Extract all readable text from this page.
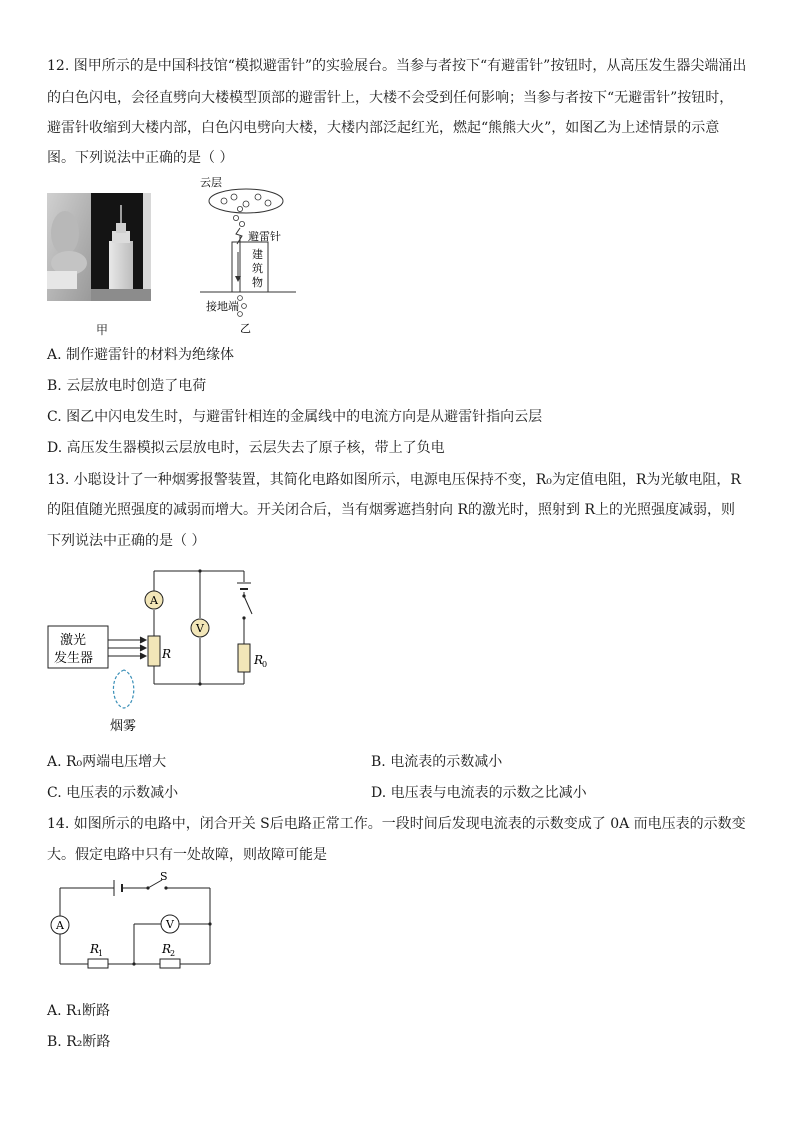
12. 图甲所示的是中国科技馆“模拟避雷针”的实验展台。当参与者按下“有避雷针”按钮时，从高压发生器尖端涌出
的白色闪电，会径直劈向大楼模型顶部的避雷针上，大楼不会受到任何影响；当参与者按下“无避雷针”按钮时，
避雷针收缩到大楼内部，白色闪电劈向大楼，大楼内部泛起红光，燃起“熊熊大火”，如图乙为上述情景的示意
图。下列说法中正确的是（ ）
甲
云层
避雷针
建
筑
物
接地端
乙
A. 制作避雷针的材料为绝缘体
B. 云层放电时创造了电荷
C. 图乙中闪电发生时，与避雷针相连的金属线中的电流方向是从避雷针指向云层
D. 高压发生器模拟云层放电时，云层失去了原子核，带上了负电
13. 小聪设计了一种烟雾报警装置，其简化电路如图所示，电源电压保持不变，R₀为定值电阻，R为光敏电阻，R
的阻值随光照强度的减弱而增大。开关闭合后，当有烟雾遮挡射向 R的激光时，照射到 R上的光照强度减弱，则
下列说法中正确的是（ ）
R
0
A
V
R
激光
发生器
烟雾
A. R₀两端电压增大	B. 电流表的示数减小
C. 电压表的示数减小	D. 电压表与电流表的示数之比减小
14. 如图所示的电路中，闭合开关 S后电路正常工作。一段时间后发现电流表的示数变成了 0A 而电压表的示数变
大。假定电路中只有一处故障，则故障可能是
S
A	V
R
1	R
2
A. R₁断路
B. R₂断路
